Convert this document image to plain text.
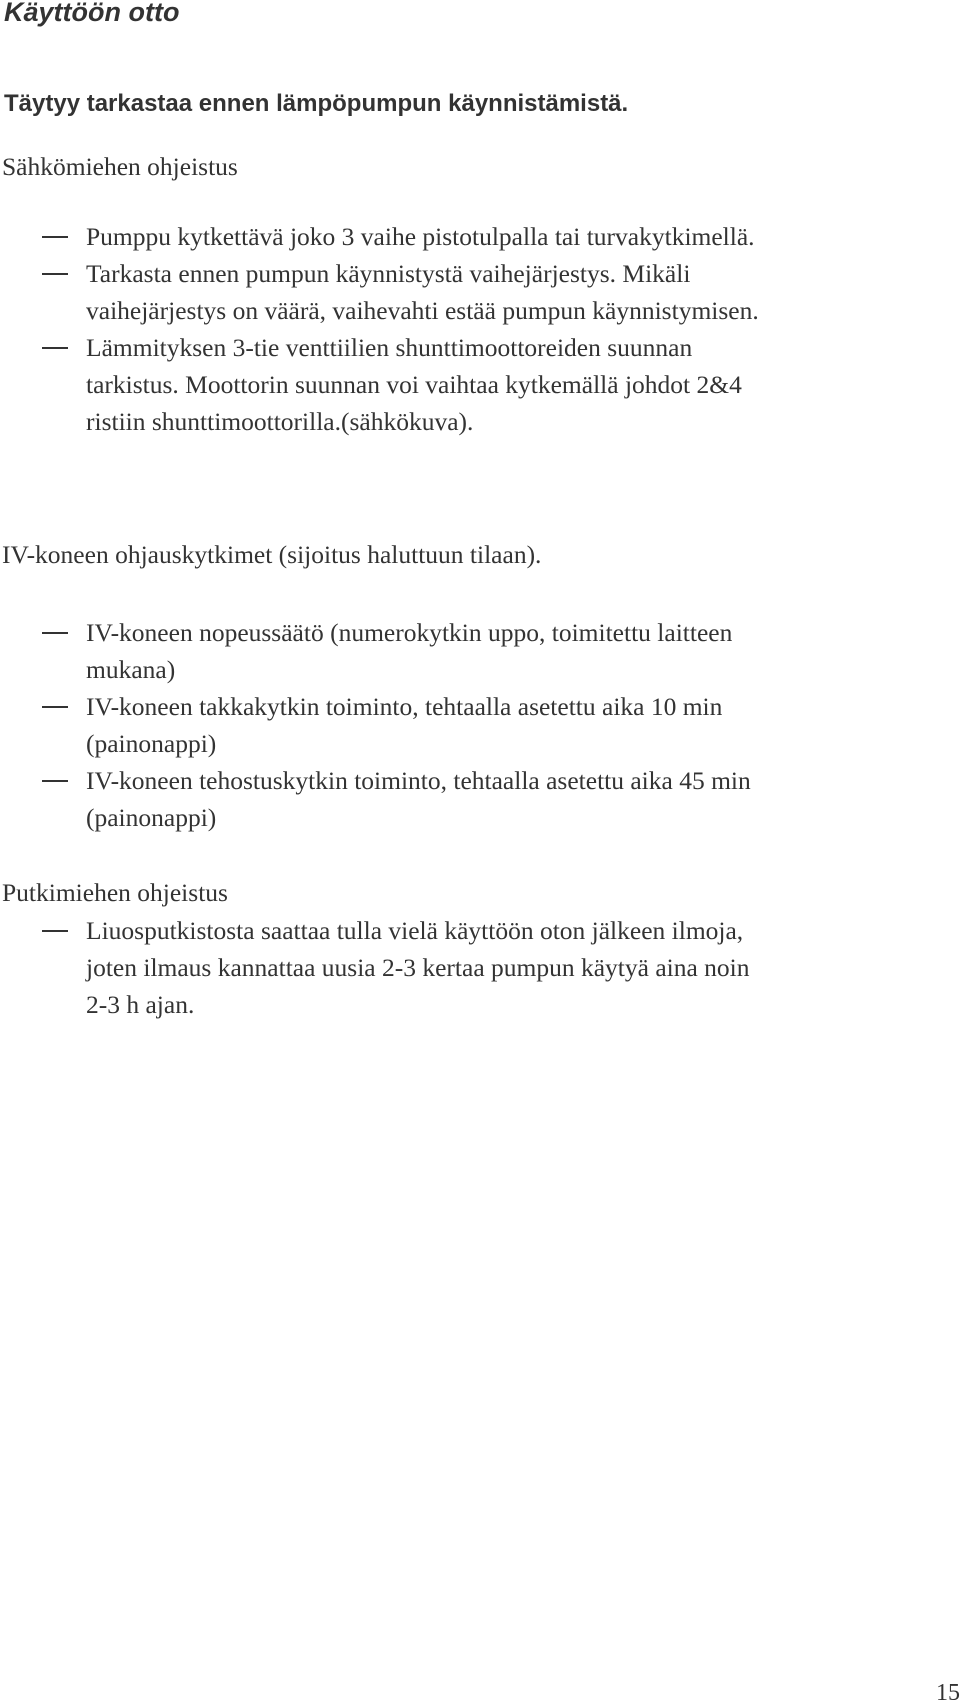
Käyttöön otto
Täytyy tarkastaa ennen lämpöpumpun käynnistämistä.
Sähkömiehen ohjeistus
Pumppu kytkettävä joko 3 vaihe pistotulpalla tai turvakytkimellä.
Tarkasta ennen pumpun käynnistystä vaihejärjestys. Mikäli
vaihejärjestys on väärä, vaihevahti estää pumpun käynnistymisen.
Lämmityksen 3-tie venttiilien shunttimoottoreiden suunnan
tarkistus. Moottorin suunnan voi vaihtaa kytkemällä johdot 2&4
ristiin shunttimoottorilla.(sähkökuva).
IV-koneen ohjauskytkimet (sijoitus haluttuun tilaan).
IV-koneen nopeussäätö (numerokytkin uppo, toimitettu laitteen
mukana)
IV-koneen takkakytkin toiminto, tehtaalla asetettu aika 10 min
(painonappi)
IV-koneen tehostuskytkin toiminto, tehtaalla asetettu aika 45 min
(painonappi)
Putkimiehen ohjeistus
Liuosputkistosta saattaa tulla vielä käyttöön oton jälkeen ilmoja,
joten ilmaus kannattaa uusia 2-3 kertaa pumpun käytyä aina noin
2-3 h ajan.
15
